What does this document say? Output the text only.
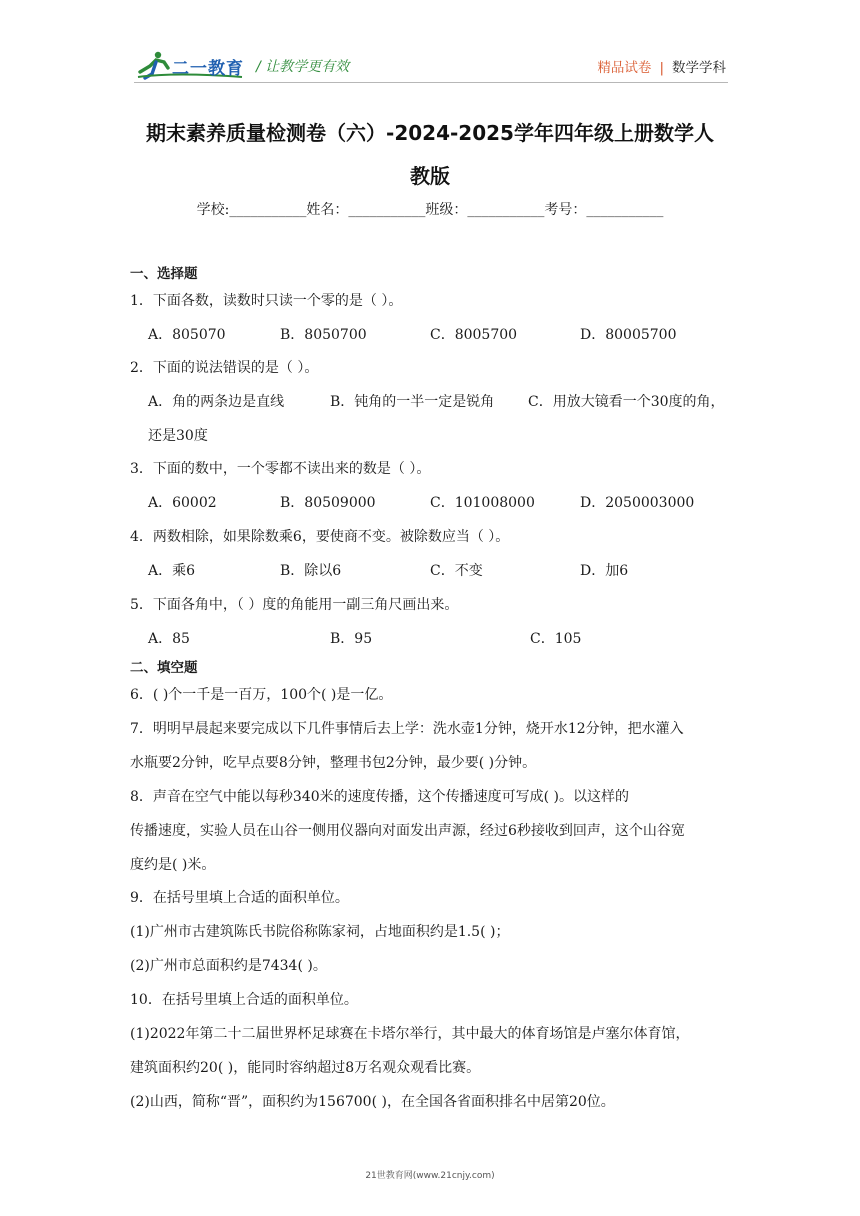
二一教育 / 让教学更有效	精品试卷 | 数学学科
期末素养质量检测卷（六）-2024-2025学年四年级上册数学人
教版
学校:___________姓名：___________班级：___________考号：___________
一、选择题
1．下面各数，读数时只读一个零的是（ ）。
A．805070	B．8050700	C．8005700	D．80005700
2．下面的说法错误的是（ ）。
A．角的两条边是直线	B．钝角的一半一定是锐角 C．用放大镜看一个30度的角，
还是30度
3．下面的数中，一个零都不读出来的数是（ ）。
A．60002	B．80509000	C．101008000	D．2050003000
4．两数相除，如果除数乘6，要使商不变。被除数应当（ ）。
A．乘6	B．除以6	C．不变	D．加6
5．下面各角中，（ ）度的角能用一副三角尺画出来。
A．85	B．95	C．105
二、填空题
6．( )个一千是一百万，100个( )是一亿。
7．明明早晨起来要完成以下几件事情后去上学：洗水壶1分钟，烧开水12分钟，把水灌入
水瓶要2分钟，吃早点要8分钟，整理书包2分钟，最少要( )分钟。
8．声音在空气中能以每秒340米的速度传播，这个传播速度可写成( )。以这样的
传播速度，实验人员在山谷一侧用仪器向对面发出声源，经过6秒接收到回声，这个山谷宽
度约是( )米。
9．在括号里填上合适的面积单位。
(1)广州市古建筑陈氏书院俗称陈家祠，占地面积约是1.5( )；
(2)广州市总面积约是7434( )。
10．在括号里填上合适的面积单位。
(1)2022年第二十二届世界杯足球赛在卡塔尔举行，其中最大的体育场馆是卢塞尔体育馆，
建筑面积约20( )，能同时容纳超过8万名观众观看比赛。
(2)山西，简称“晋”，面积约为156700( )，在全国各省面积排名中居第20位。
21世教育网(www.21cnjy.com)
